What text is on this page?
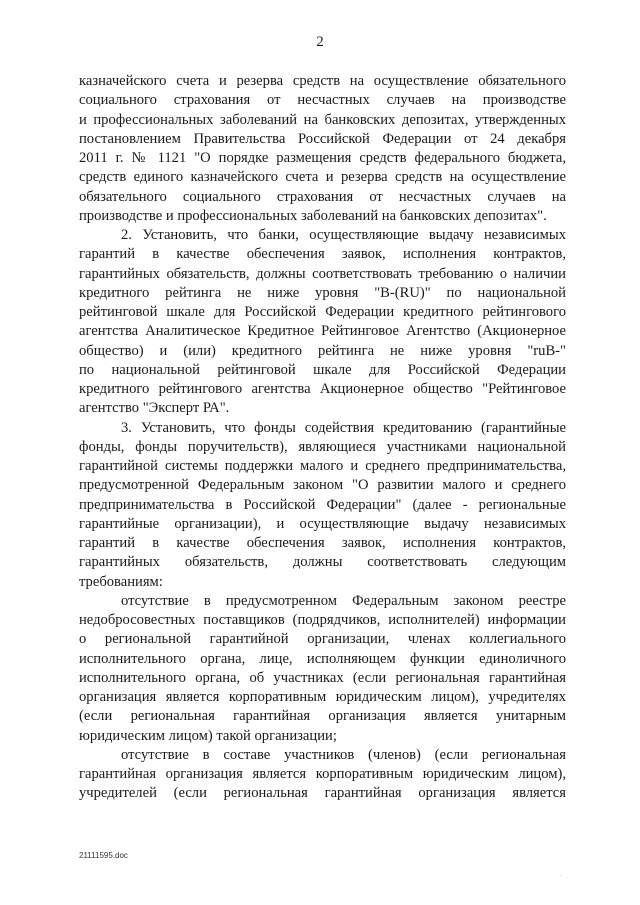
2
казначейского счета и резерва средств на осуществление обязательного
социального страхования от несчастных случаев на производстве
и профессиональных заболеваний на банковских депозитах, утвержденных
постановлением Правительства Российской Федерации от 24 декабря
2011 г. № 1121 "О порядке размещения средств федерального бюджета,
средств единого казначейского счета и резерва средств на осуществление
обязательного социального страхования от несчастных случаев на
производстве и профессиональных заболеваний на банковских депозитах".
2. Установить, что банки, осуществляющие выдачу независимых
гарантий в качестве обеспечения заявок, исполнения контрактов,
гарантийных обязательств, должны соответствовать требованию о наличии
кредитного рейтинга не ниже уровня "B-(RU)" по национальной
рейтинговой шкале для Российской Федерации кредитного рейтингового
агентства Аналитическое Кредитное Рейтинговое Агентство (Акционерное
общество) и (или) кредитного рейтинга не ниже уровня "ruB-"
по национальной рейтинговой шкале для Российской Федерации
кредитного рейтингового агентства Акционерное общество "Рейтинговое
агентство "Эксперт РА".
3. Установить, что фонды содействия кредитованию (гарантийные
фонды, фонды поручительств), являющиеся участниками национальной
гарантийной системы поддержки малого и среднего предпринимательства,
предусмотренной Федеральным законом "О развитии малого и среднего
предпринимательства в Российской Федерации" (далее - региональные
гарантийные организации), и осуществляющие выдачу независимых
гарантий в качестве обеспечения заявок, исполнения контрактов,
гарантийных обязательств, должны соответствовать следующим
требованиям:
отсутствие в предусмотренном Федеральным законом реестре
недобросовестных поставщиков (подрядчиков, исполнителей) информации
о региональной гарантийной организации, членах коллегиального
исполнительного органа, лице, исполняющем функции единоличного
исполнительного органа, об участниках (если региональная гарантийная
организация является корпоративным юридическим лицом), учредителях
(если региональная гарантийная организация является унитарным
юридическим лицом) такой организации;
отсутствие в составе участников (членов) (если региональная
гарантийная организация является корпоративным юридическим лицом),
учредителей (если региональная гарантийная организация является
21111595.doc
.
